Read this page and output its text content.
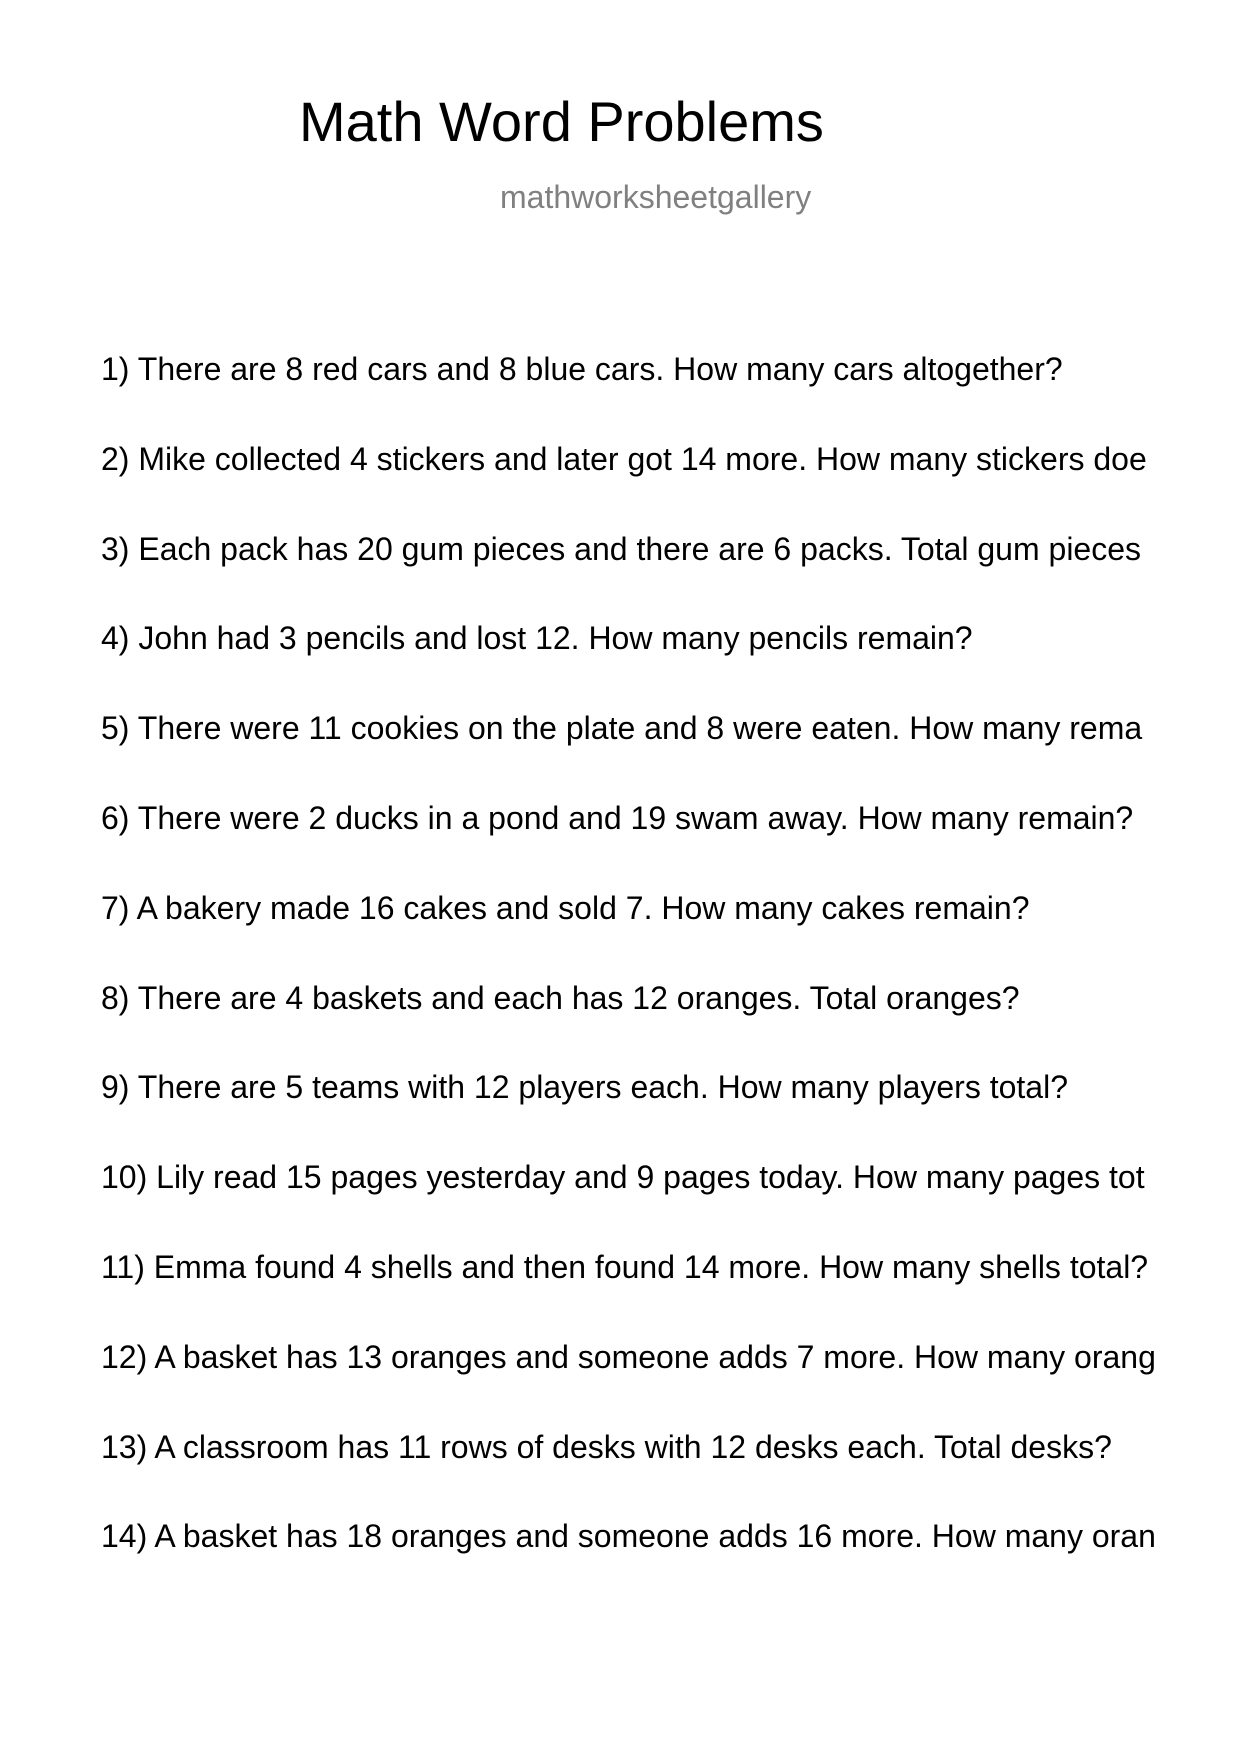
Math Word Problems
mathworksheetgallery
1) There are 8 red cars and 8 blue cars. How many cars altogether?
2) Mike collected 4 stickers and later got 14 more. How many stickers doe
3) Each pack has 20 gum pieces and there are 6 packs. Total gum pieces
4) John had 3 pencils and lost 12. How many pencils remain?
5) There were 11 cookies on the plate and 8 were eaten. How many rema
6) There were 2 ducks in a pond and 19 swam away. How many remain?
7) A bakery made 16 cakes and sold 7. How many cakes remain?
8) There are 4 baskets and each has 12 oranges. Total oranges?
9) There are 5 teams with 12 players each. How many players total?
10) Lily read 15 pages yesterday and 9 pages today. How many pages tot
11) Emma found 4 shells and then found 14 more. How many shells total?
12) A basket has 13 oranges and someone adds 7 more. How many orang
13) A classroom has 11 rows of desks with 12 desks each. Total desks?
14) A basket has 18 oranges and someone adds 16 more. How many oran
